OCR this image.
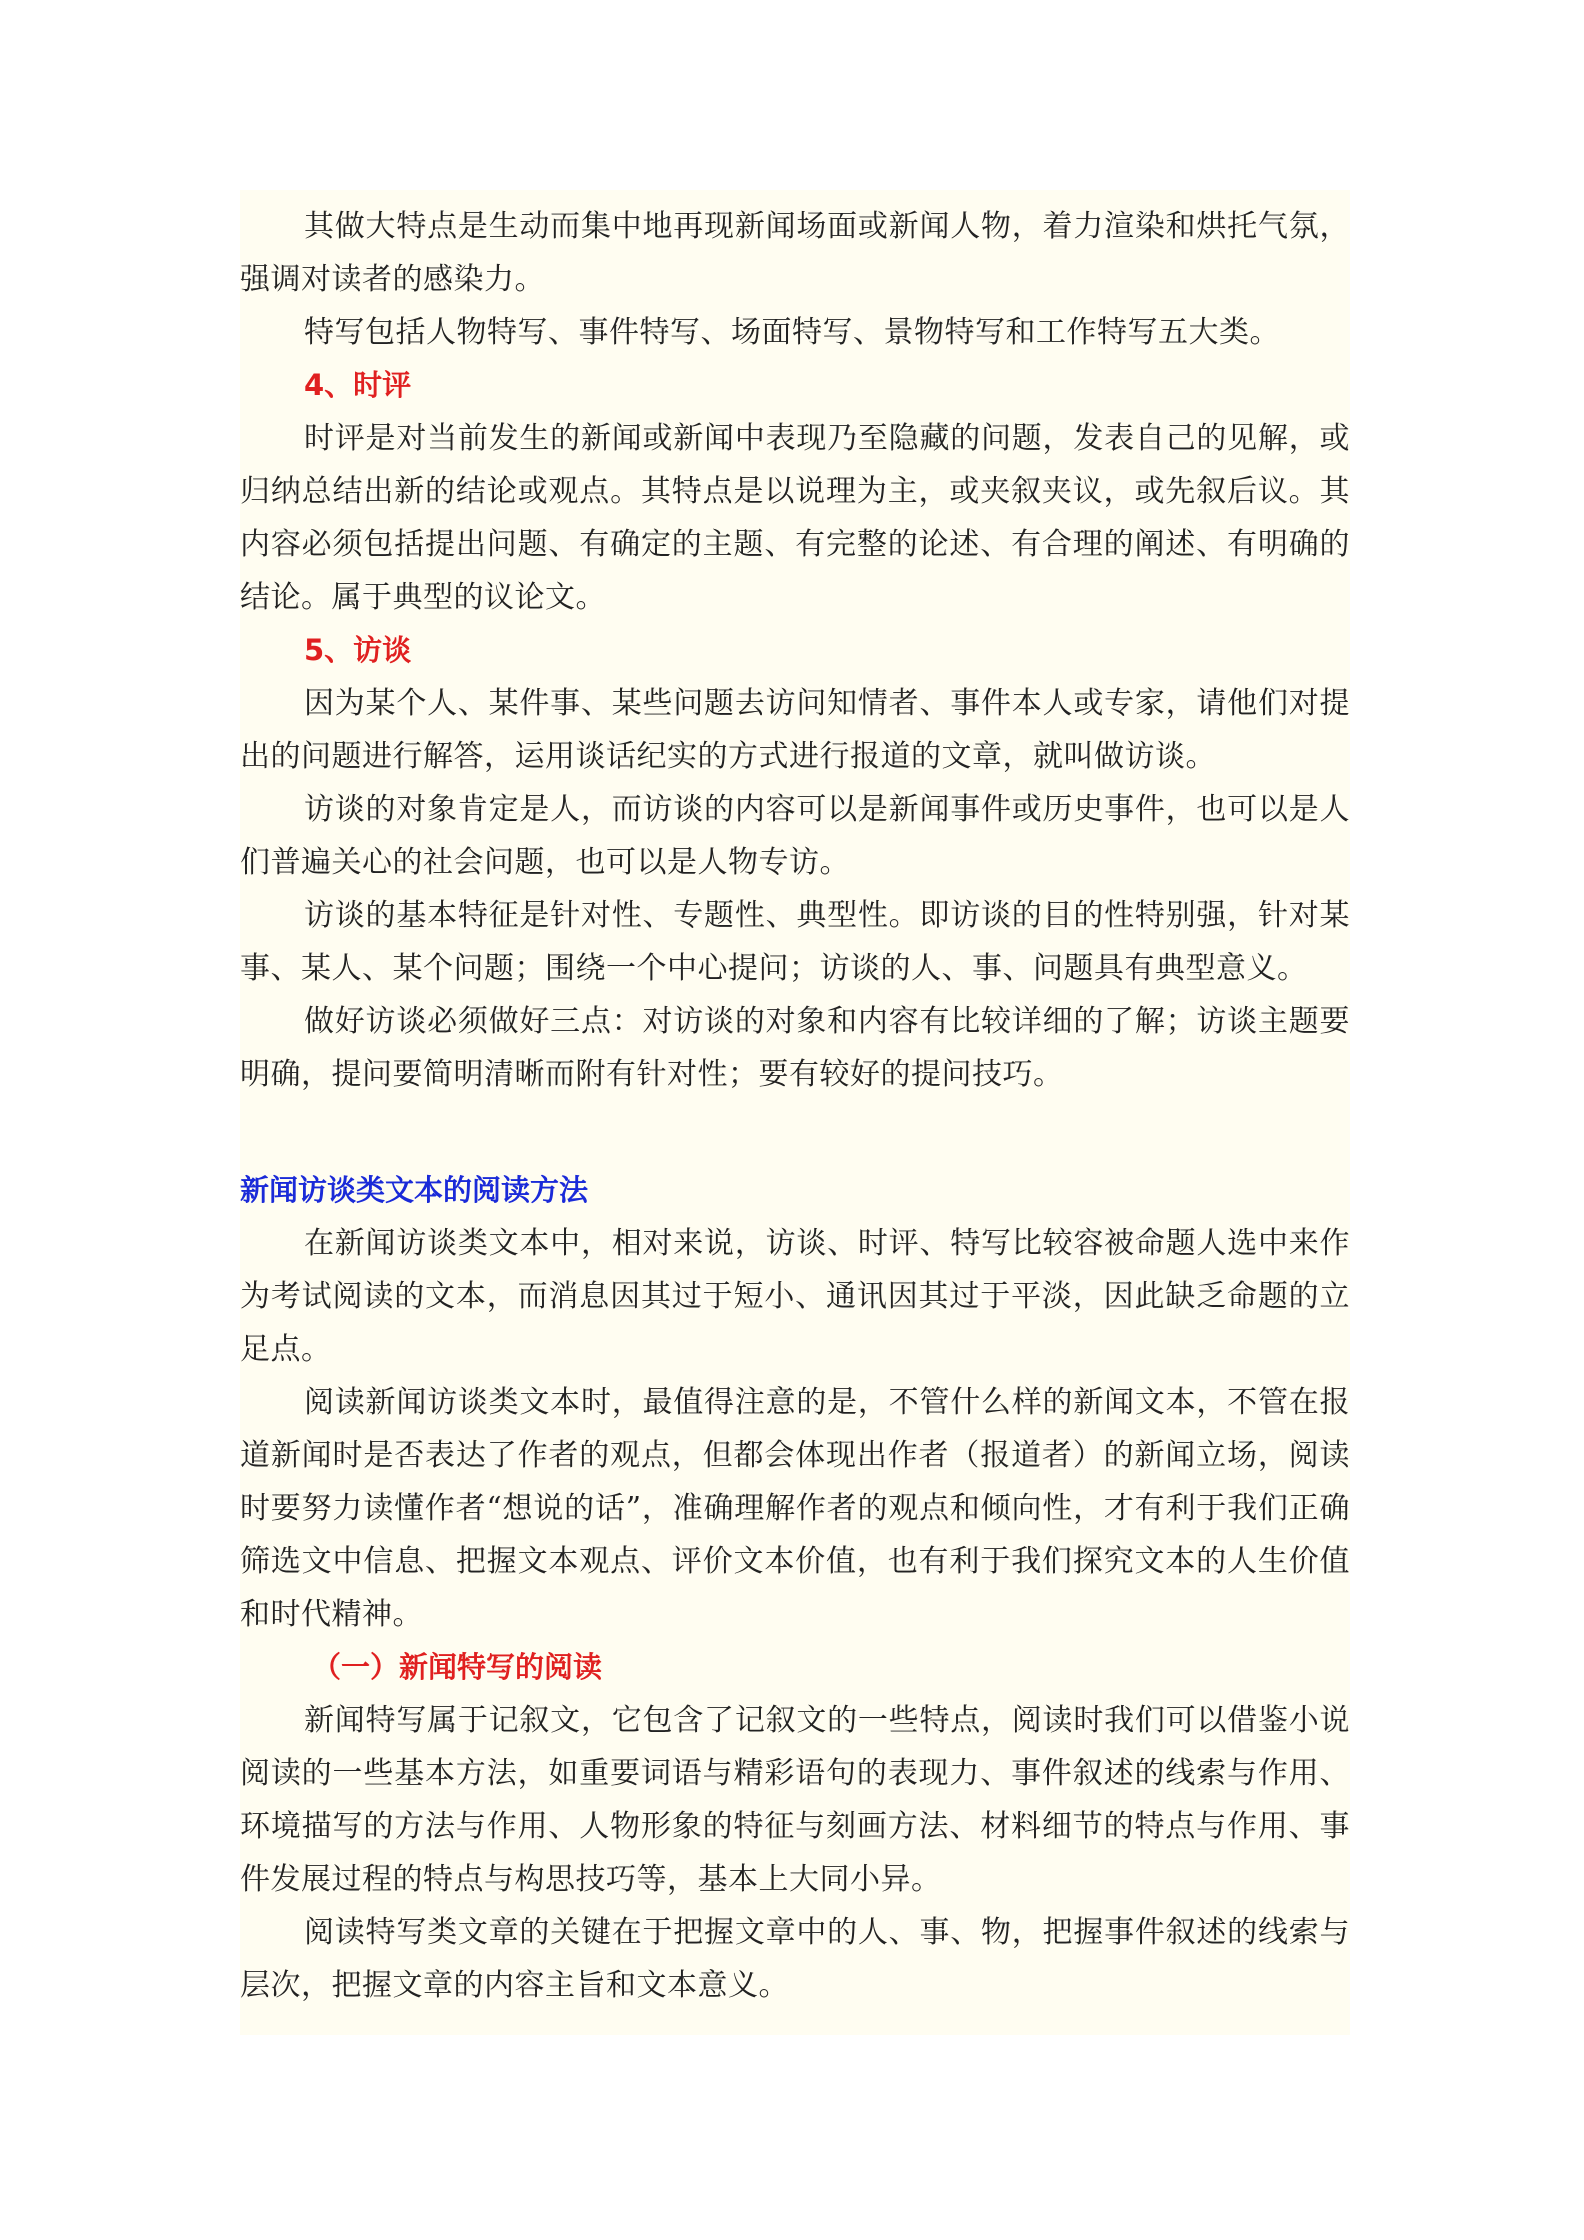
其做大特点是生动而集中地再现新闻场面或新闻人物，着力渲染和烘托气氛，强调对读者的感染力。

特写包括人物特写、事件特写、场面特写、景物特写和工作特写五大类。

4、时评

时评是对当前发生的新闻或新闻中表现乃至隐藏的问题，发表自己的见解，或归纳总结出新的结论或观点。其特点是以说理为主，或夹叙夹议，或先叙后议。其内容必须包括提出问题、有确定的主题、有完整的论述、有合理的阐述、有明确的结论。属于典型的议论文。

5、访谈

因为某个人、某件事、某些问题去访问知情者、事件本人或专家，请他们对提出的问题进行解答，运用谈话纪实的方式进行报道的文章，就叫做访谈。

访谈的对象肯定是人，而访谈的内容可以是新闻事件或历史事件，也可以是人们普遍关心的社会问题，也可以是人物专访。

访谈的基本特征是针对性、专题性、典型性。即访谈的目的性特别强，针对某事、某人、某个问题；围绕一个中心提问；访谈的人、事、问题具有典型意义。

做好访谈必须做好三点：对访谈的对象和内容有比较详细的了解；访谈主题要明确，提问要简明清晰而附有针对性；要有较好的提问技巧。

新闻访谈类文本的阅读方法

在新闻访谈类文本中，相对来说，访谈、时评、特写比较容被命题人选中来作为考试阅读的文本，而消息因其过于短小、通讯因其过于平淡，因此缺乏命题的立足点。

阅读新闻访谈类文本时，最值得注意的是，不管什么样的新闻文本，不管在报道新闻时是否表达了作者的观点，但都会体现出作者（报道者）的新闻立场，阅读时要努力读懂作者“想说的话”，准确理解作者的观点和倾向性，才有利于我们正确筛选文中信息、把握文本观点、评价文本价值，也有利于我们探究文本的人生价值和时代精神。

（一）新闻特写的阅读

新闻特写属于记叙文，它包含了记叙文的一些特点，阅读时我们可以借鉴小说阅读的一些基本方法，如重要词语与精彩语句的表现力、事件叙述的线索与作用、环境描写的方法与作用、人物形象的特征与刻画方法、材料细节的特点与作用、事件发展过程的特点与构思技巧等，基本上大同小异。

阅读特写类文章的关键在于把握文章中的人、事、物，把握事件叙述的线索与层次，把握文章的内容主旨和文本意义。
